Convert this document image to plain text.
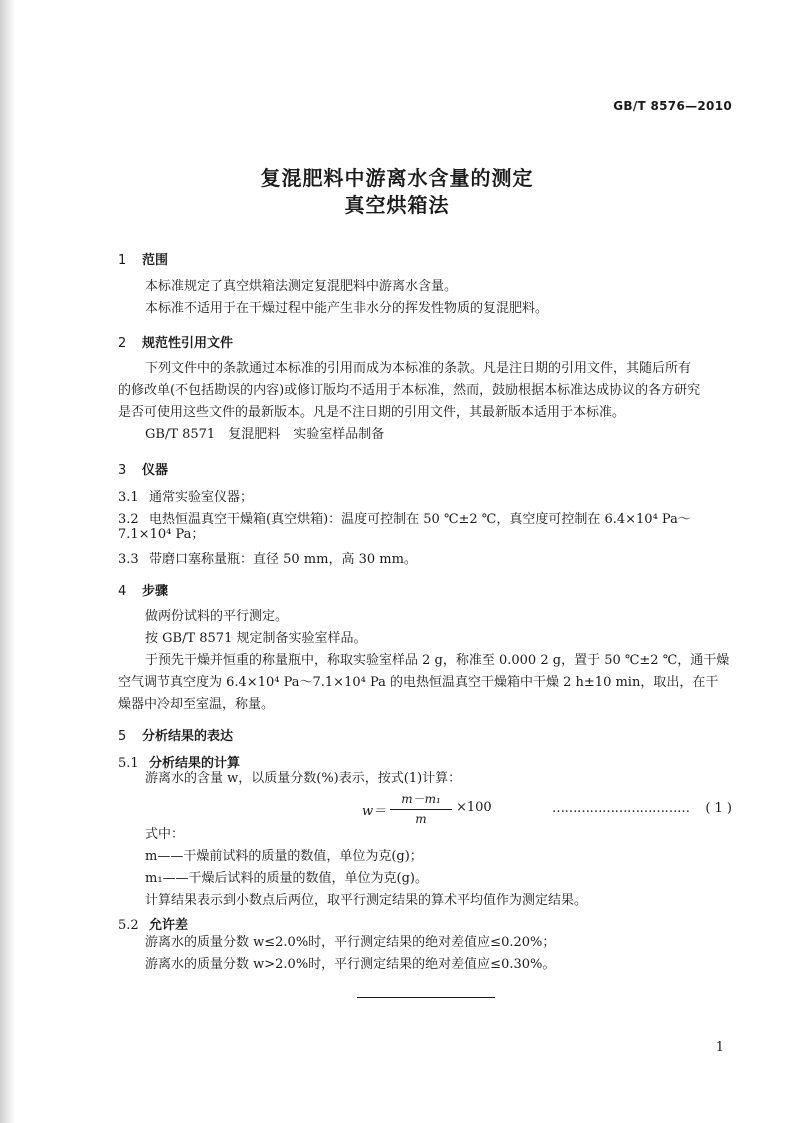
GB/T 8576—2010
复混肥料中游离水含量的测定
真空烘箱法
1 范围
本标准规定了真空烘箱法测定复混肥料中游离水含量。
本标准不适用于在干燥过程中能产生非水分的挥发性物质的复混肥料。
2 规范性引用文件
下列文件中的条款通过本标准的引用而成为本标准的条款。凡是注日期的引用文件，其随后所有
的修改单(不包括勘误的内容)或修订版均不适用于本标准，然而，鼓励根据本标准达成协议的各方研究
是否可使用这些文件的最新版本。凡是不注日期的引用文件，其最新版本适用于本标准。
GB/T 8571　复混肥料　实验室样品制备
3 仪器
3.1 通常实验室仪器；
3.2 电热恒温真空干燥箱(真空烘箱)：温度可控制在 50 ℃±2 ℃，真空度可控制在 6.4×10⁴ Pa～
7.1×10⁴ Pa；
3.3 带磨口塞称量瓶：直径 50 mm，高 30 mm。
4 步骤
做两份试料的平行测定。
按 GB/T 8571 规定制备实验室样品。
于预先干燥并恒重的称量瓶中，称取实验室样品 2 g，称准至 0.000 2 g，置于 50 ℃±2 ℃，通干燥
空气调节真空度为 6.4×10⁴ Pa～7.1×10⁴ Pa 的电热恒温真空干燥箱中干燥 2 h±10 min，取出，在干
燥器中冷却至室温，称量。
5 分析结果的表达
5.1 分析结果的计算
游离水的含量 w，以质量分数(%)表示，按式(1)计算：
w＝
m－m₁
m
×100	…………………………… ( 1 )
式中：
m——干燥前试料的质量的数值，单位为克(g)；
m₁——干燥后试料的质量的数值，单位为克(g)。
计算结果表示到小数点后两位，取平行测定结果的算术平均值作为测定结果。
5.2 允许差
游离水的质量分数 w≤2.0%时，平行测定结果的绝对差值应≤0.20%；
游离水的质量分数 w>2.0%时，平行测定结果的绝对差值应≤0.30%。
1
